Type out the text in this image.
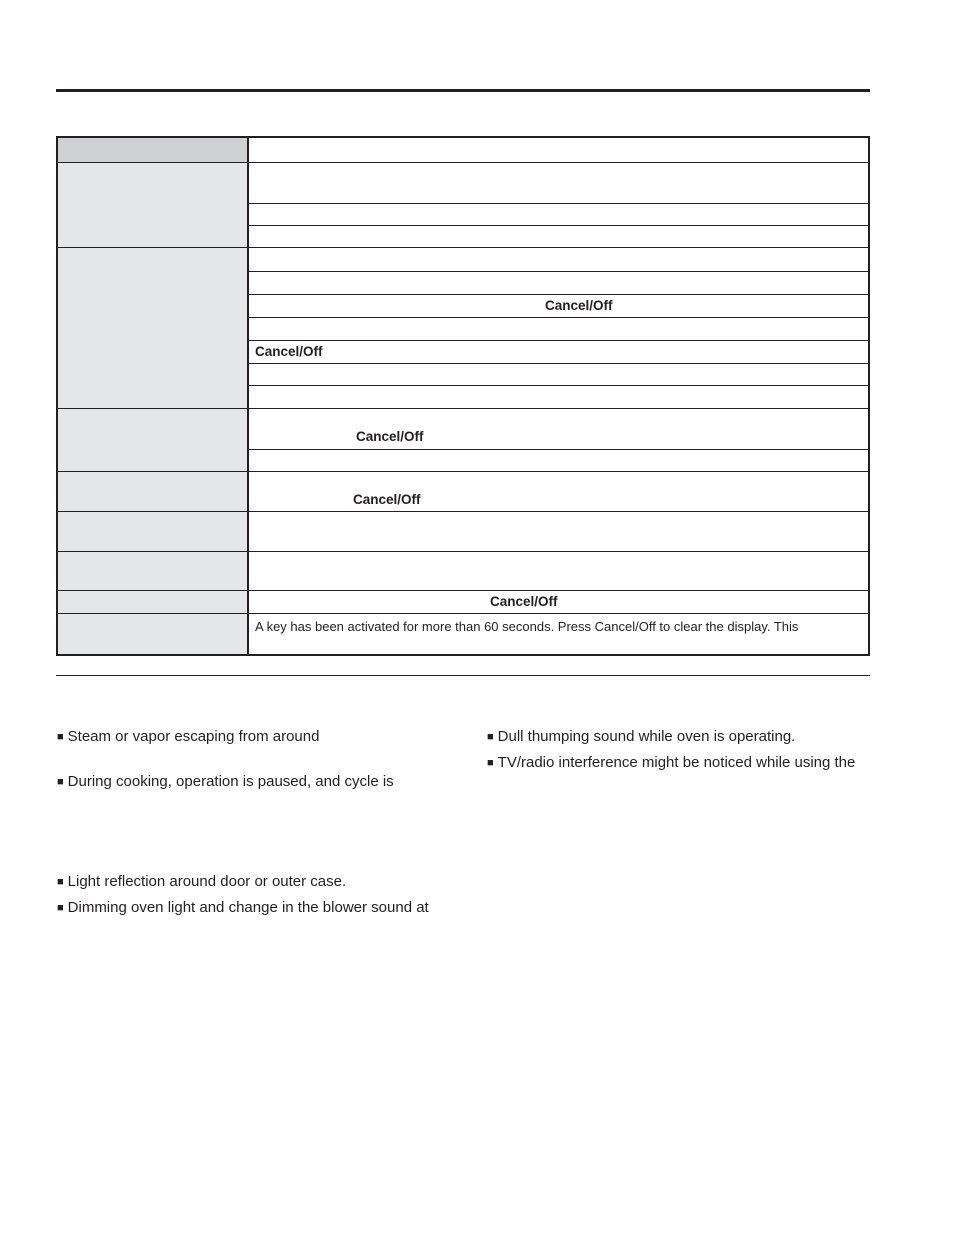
Cancel/Off
Cancel/Off
Cancel/Off
Cancel/Off
Cancel/Off
A key has been activated for more than 60 seconds. Press Cancel/Off to clear the display. This
■ Steam or vapor escaping from around
■ During cooking, operation is paused, and cycle is
■ Light reflection around door or outer case.
■ Dimming oven light and change in the blower sound at
■ Dull thumping sound while oven is operating.
■ TV/radio interference might be noticed while using the
